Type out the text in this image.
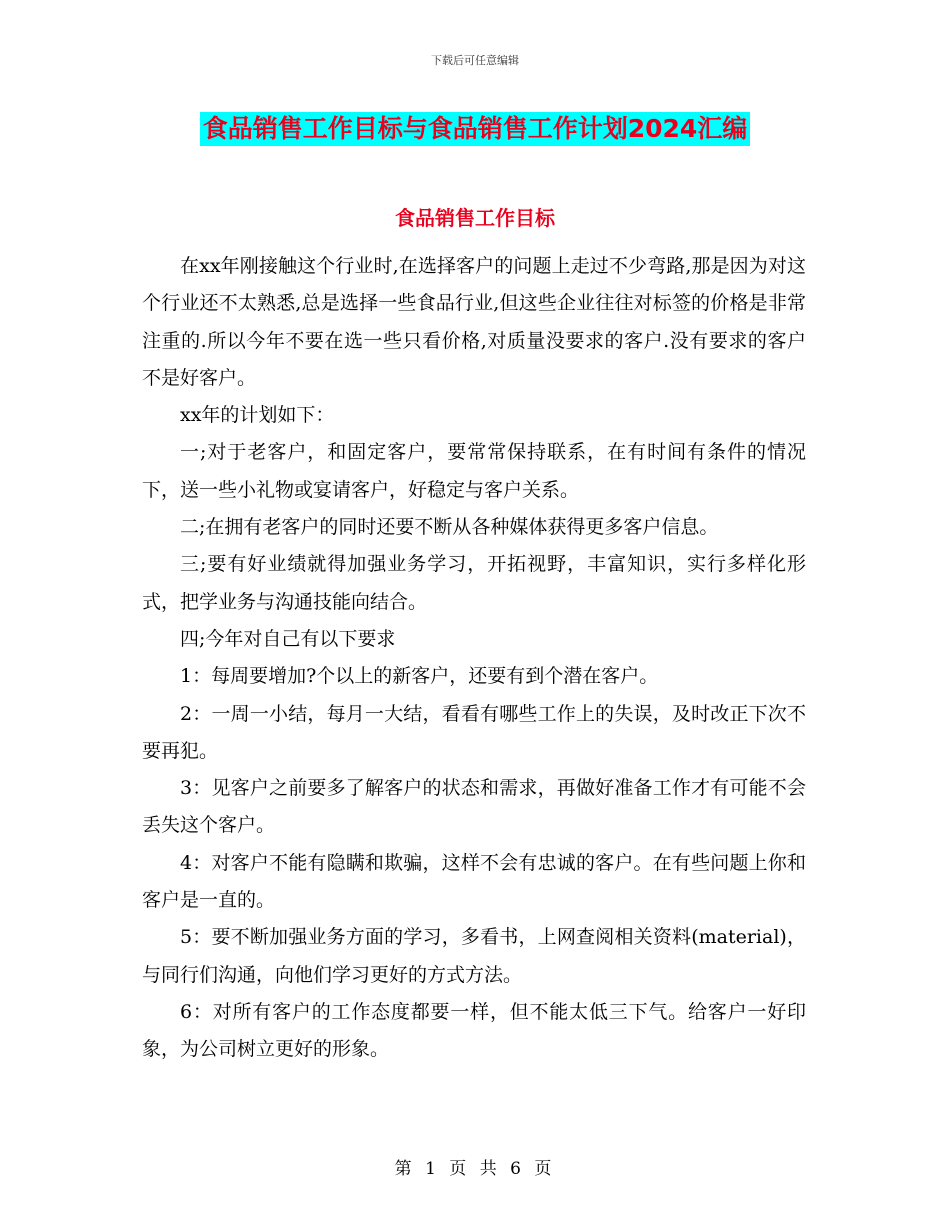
下载后可任意编辑
食品销售工作目标与食品销售工作计划2024汇编
食品销售工作目标

在xx年刚接触这个行业时,在选择客户的问题上走过不少弯路,那是因为对这个行业还不太熟悉,总是选择一些食品行业,但这些企业往往对标签的价格是非常注重的.所以今年不要在选一些只看价格,对质量没要求的客户.没有要求的客户不是好客户。

xx年的计划如下：

一;对于老客户，和固定客户，要常常保持联系，在有时间有条件的情况下，送一些小礼物或宴请客户，好稳定与客户关系。

二;在拥有老客户的同时还要不断从各种媒体获得更多客户信息。

三;要有好业绩就得加强业务学习，开拓视野，丰富知识，实行多样化形式，把学业务与沟通技能向结合。

四;今年对自己有以下要求

1：每周要增加?个以上的新客户，还要有到个潜在客户。

2：一周一小结，每月一大结，看看有哪些工作上的失误，及时改正下次不要再犯。

3：见客户之前要多了解客户的状态和需求，再做好准备工作才有可能不会丢失这个客户。

4：对客户不能有隐瞒和欺骗，这样不会有忠诚的客户。在有些问题上你和客户是一直的。

5：要不断加强业务方面的学习，多看书，上网查阅相关资料(material)，与同行们沟通，向他们学习更好的方式方法。

6：对所有客户的工作态度都要一样，但不能太低三下气。给客户一好印象，为公司树立更好的形象。

第 1 页 共 6 页
